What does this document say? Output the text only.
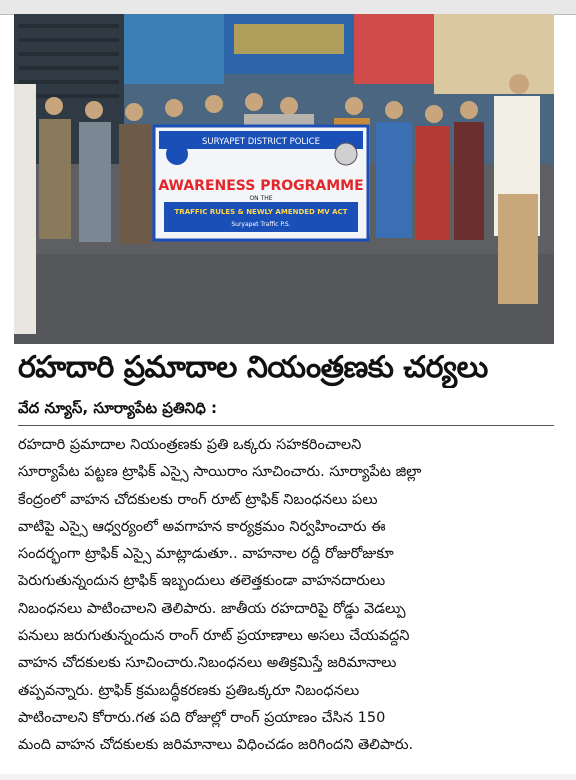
SURYAPET DISTRICT POLICE
AWARENESS PROGRAMME
ON THE
TRAFFIC RULES & NEWLY AMENDED MV ACT
Suryapet Traffic P.S.
రహదారి ప్రమాదాల నియంత్రణకు చర్యలు
వేద న్యూస్, సూర్యాపేట ప్రతినిధి :
రహదారి ప్రమాదాల నియంత్రణకు ప్రతి ఒక్కరు సహకరించాలని
సూర్యాపేట పట్టణ ట్రాఫిక్ ఎస్సై సాయిరాం సూచించారు. సూర్యాపేట జిల్లా
కేంద్రంలో వాహన చోదకులకు రాంగ్ రూట్ ట్రాఫిక్ నిబంధనలు పలు
వాటిపై ఎస్సై ఆధ్వర్యంలో అవగాహన కార్యక్రమం నిర్వహించారు ఈ
సందర్భంగా ట్రాఫిక్ ఎస్సై మాట్లాడుతూ.. వాహనాల రద్దీ రోజురోజుకూ
పెరుగుతున్నందున ట్రాఫిక్ ఇబ్బందులు తలెత్తకుండా వాహనదారులు
నిబంధనలు పాటించాలని తెలిపారు. జాతీయ రహదారిపై రోడ్డు వెడల్పు
పనులు జరుగుతున్నందున రాంగ్ రూట్ ప్రయాణాలు అసలు చేయవద్దని
వాహన చోదకులకు సూచించారు.నిబంధనలు అతిక్రమిస్తే జరిమానాలు
తప్పవన్నారు. ట్రాఫిక్ క్రమబద్ధీకరణకు ప్రతిఒక్కరూ నిబంధనలు
పాటించాలని కోరారు.గత పది రోజుల్లో రాంగ్ ప్రయాణం చేసిన 150
మంది వాహన చోదకులకు జరిమానాలు విధించడం జరిగిందని తెలిపారు.
